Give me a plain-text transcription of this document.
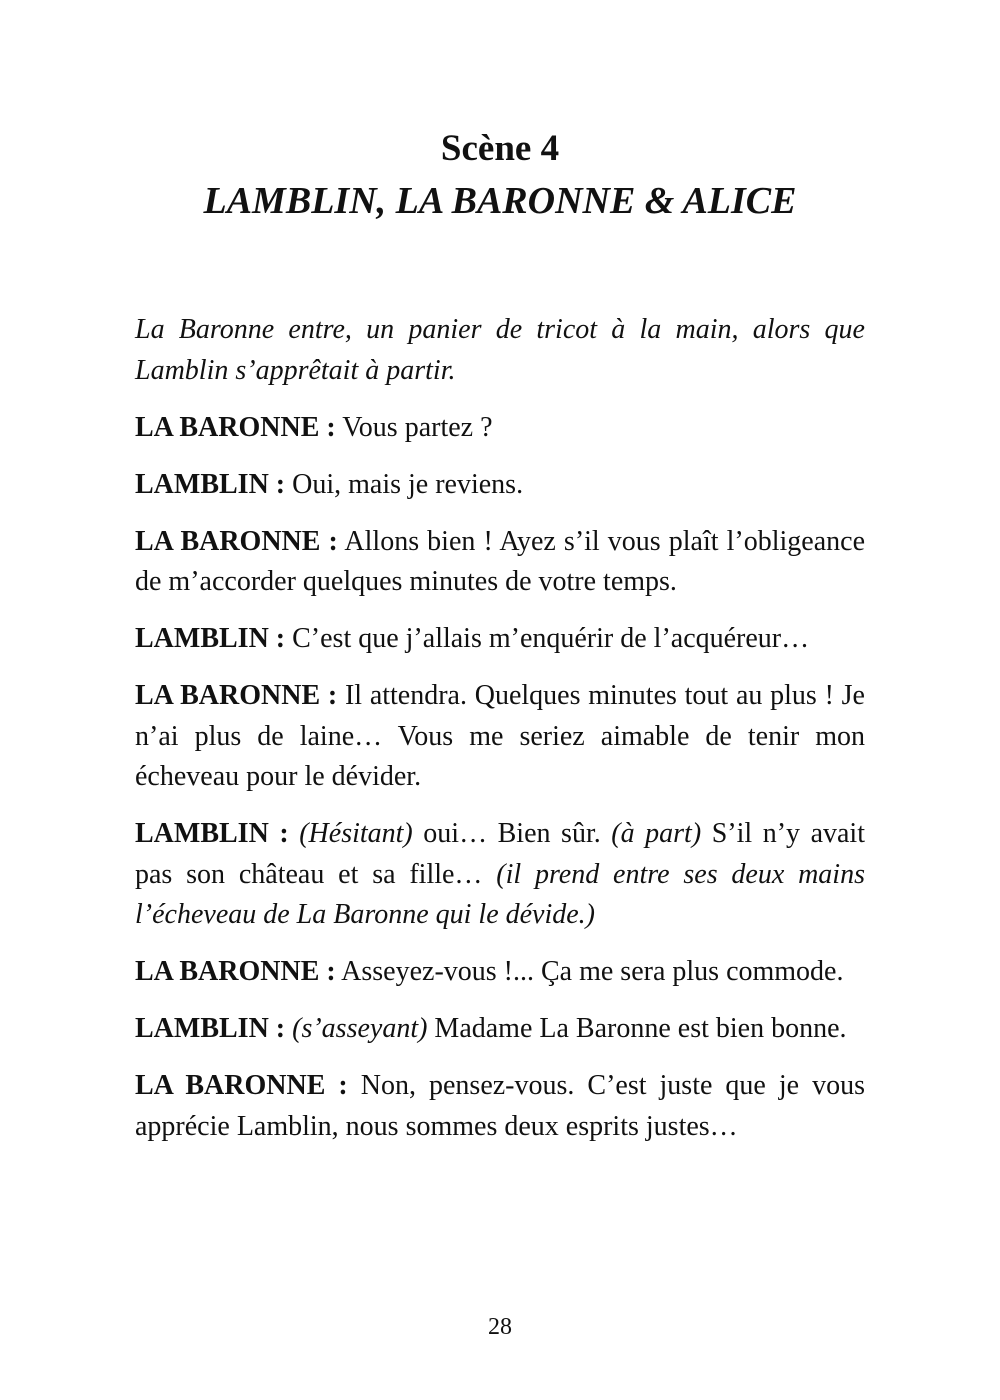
Scène 4
LAMBLIN, LA BARONNE & ALICE

La Baronne entre, un panier de tricot à la main, alors que Lamblin s’apprêtait à partir.

LA BARONNE : Vous partez ?

LAMBLIN : Oui, mais je reviens.

LA BARONNE : Allons bien ! Ayez s’il vous plaît l’obligeance de m’accorder quelques minutes de votre temps.

LAMBLIN : C’est que j’allais m’enquérir de l’acquéreur…

LA BARONNE : Il attendra. Quelques minutes tout au plus ! Je n’ai plus de laine… Vous me seriez aimable de tenir mon écheveau pour le dévider.

LAMBLIN : (Hésitant) oui… Bien sûr. (à part) S’il n’y avait pas son château et sa fille… (il prend entre ses deux mains l’écheveau de La Baronne qui le dévide.)

LA BARONNE : Asseyez-vous !... Ça me sera plus commode.

LAMBLIN : (s’asseyant) Madame La Baronne est bien bonne.

LA BARONNE : Non, pensez-vous. C’est juste que je vous apprécie Lamblin, nous sommes deux esprits justes…

28
